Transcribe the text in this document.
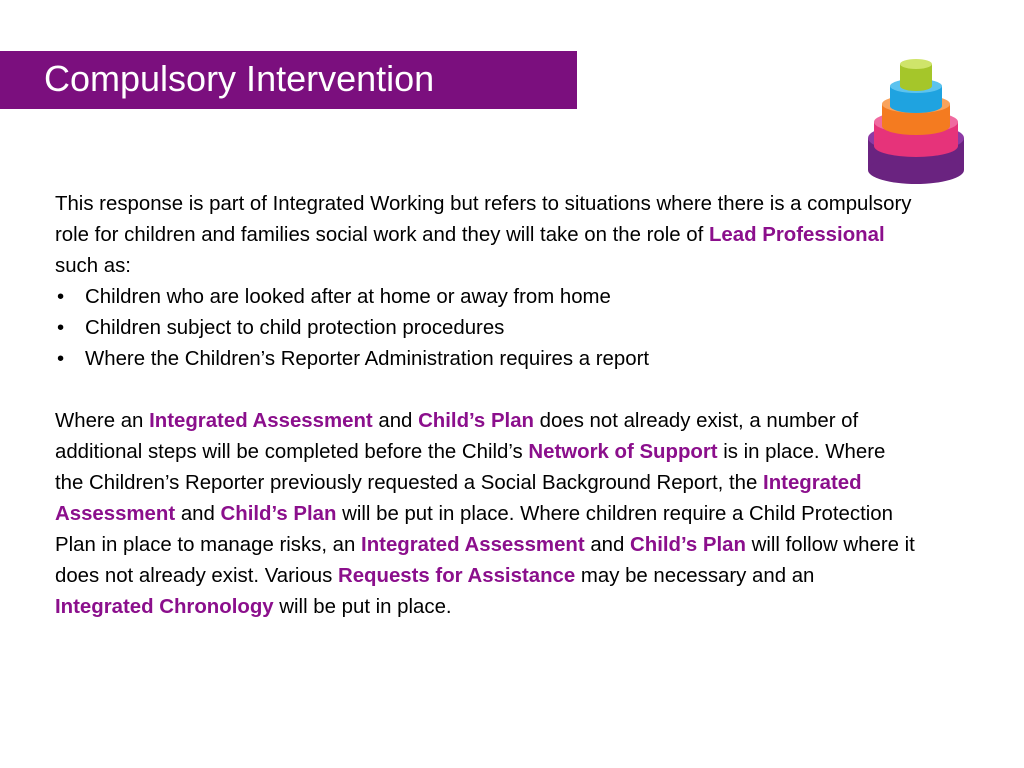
Compulsory Intervention

This response is part of Integrated Working but refers to situations where there is a compulsory role for children and families social work and they will take on the role of Lead Professional such as:

• Children who are looked after at home or away from home
• Children subject to child protection procedures
• Where the Children’s Reporter Administration requires a report

Where an Integrated Assessment and Child’s Plan does not already exist, a number of additional steps will be completed before the Child’s Network of Support is in place. Where the Children’s Reporter previously requested a Social Background Report, the Integrated Assessment and Child’s Plan will be put in place. Where children require a Child Protection Plan in place to manage risks, an Integrated Assessment and Child’s Plan will follow where it does not already exist. Various Requests for Assistance may be necessary and an Integrated Chronology will be put in place.
